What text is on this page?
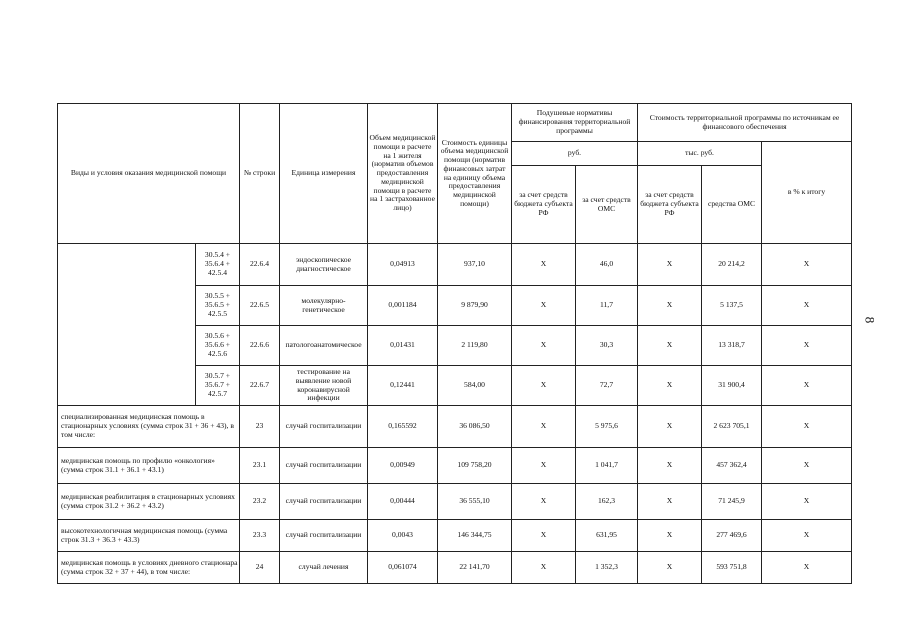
Виды и условия оказания медицинской помощи		№ строки	Единица измерения	Объем медицинской помощи в расчете на 1 жителя (норматив объемов предоставления медицинской помощи в расчете на 1 застрахованное лицо)	Стоимость единицы объема медицинской помощи (норматив финансовых затрат на единицу объема предоставления медицинской помощи)	Подушевые нормативы финансирования территориальной программы		Стоимость территориальной программы по источникам ее финансового обеспечения		
						руб.		тыс. руб.		в % к итогу
						за счет средств бюджета субъекта РФ	за счет средств ОМС	за счет средств бюджета субъекта РФ	средства ОМС	
	30.5.4 + 35.6.4 + 42.5.4	22.6.4	эндоскопическое диагностическое	0,04913	937,10	X	46,0	X	20 214,2	X
	30.5.5 + 35.6.5 + 42.5.5	22.6.5	молекулярно-генетическое	0,001184	9 879,90	X	11,7	X	5 137,5	X
	30.5.6 + 35.6.6 + 42.5.6	22.6.6	патологоанатомическое	0,01431	2 119,80	X	30,3	X	13 318,7	X
	30.5.7 + 35.6.7 + 42.5.7	22.6.7	тестирование на выявление новой коронавирусной инфекции	0,12441	584,00	X	72,7	X	31 900,4	X
специализированная медицинская помощь в стационарных условиях (сумма строк 31 + 36 + 43), в том числе:		23	случай госпитализации	0,165592	36 086,50	X	5 975,6	X	2 623 705,1	X
медицинская помощь по профилю «онкология» (сумма строк 31.1 + 36.1 + 43.1)		23.1	случай госпитализации	0,00949	109 758,20	X	1 041,7	X	457 362,4	X
медицинская реабилитация в стационарных условиях (сумма строк 31.2 + 36.2 + 43.2)		23.2	случай госпитализации	0,00444	36 555,10	X	162,3	X	71 245,9	X
высокотехнологичная медицинская помощь (сумма строк 31.3 + 36.3 + 43.3)		23.3	случай госпитализации	0,0043	146 344,75	X	631,95	X	277 469,6	X
медицинская помощь в условиях дневного стационара (сумма строк 32 + 37 + 44), в том числе:		24	случай лечения	0,061074	22 141,70	X	1 352,3	X	593 751,8	X
8
